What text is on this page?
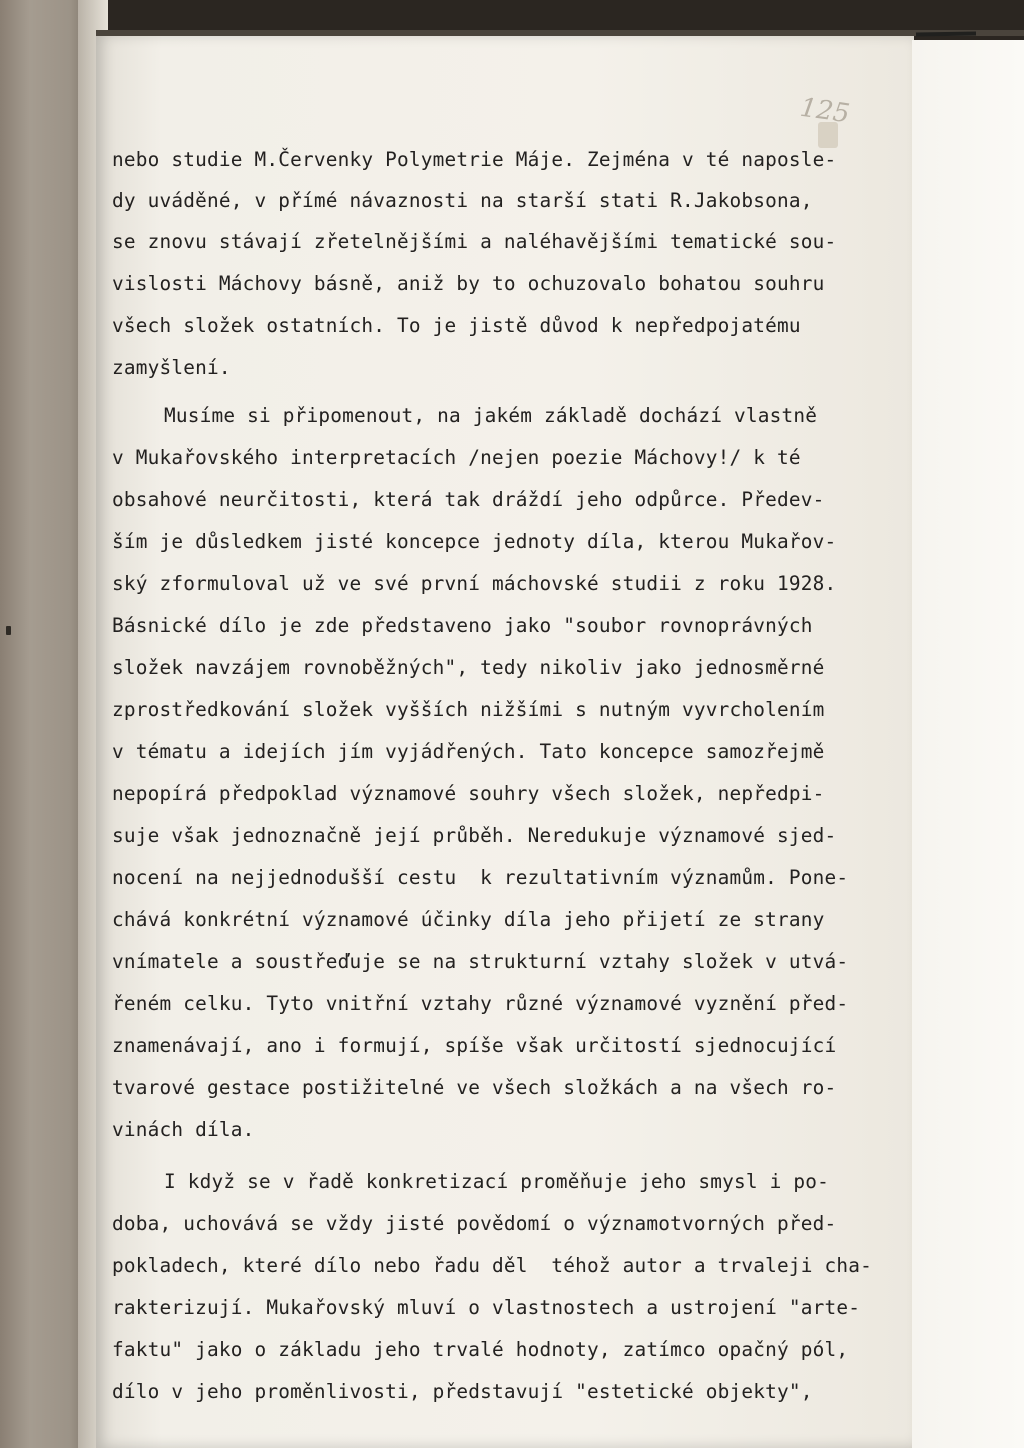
125
nebo studie M.Červenky Polymetrie Máje. Zejména v té naposle-
dy uváděné, v přímé návaznosti na starší stati R.Jakobsona,
se znovu stávají zřetelnějšími a naléhavějšími tematické sou-
vislosti Máchovy básně, aniž by to ochuzovalo bohatou souhru
všech složek ostatních. To je jistě důvod k nepředpojatému
zamyšlení.
Musíme si připomenout, na jakém základě dochází vlastně
v Mukařovského interpretacích /nejen poezie Máchovy!/ k té
obsahové neurčitosti, která tak dráždí jeho odpůrce. Předev-
ším je důsledkem jisté koncepce jednoty díla, kterou Mukařov-
ský zformuloval už ve své první máchovské studii z roku 1928.
Básnické dílo je zde představeno jako "soubor rovnoprávných
složek navzájem rovnoběžných", tedy nikoliv jako jednosměrné
zprostředkování složek vyšších nižšími s nutným vyvrcholením
v tématu a idejích jím vyjádřených. Tato koncepce samozřejmě
nepopírá předpoklad významové souhry všech složek, nepředpi-
suje však jednoznačně její průběh. Neredukuje významové sjed-
nocení na nejjednodušší cestu  k rezultativním významům. Pone-
chává konkrétní významové účinky díla jeho přijetí ze strany
vnímatele a soustřeďuje se na strukturní vztahy složek v utvá-
řeném celku. Tyto vnitřní vztahy různé významové vyznění před-
znamenávají, ano i formují, spíše však určitostí sjednocující
tvarové gestace postižitelné ve všech složkách a na všech ro-
vinách díla.
I když se v řadě konkretizací proměňuje jeho smysl i po-
doba, uchovává se vždy jisté povědomí o významotvorných před-
pokladech, které dílo nebo řadu děl  téhož autor a trvaleji cha-
rakterizují. Mukařovský mluví o vlastnostech a ustrojení "arte-
faktu" jako o základu jeho trvalé hodnoty, zatímco opačný pól,
dílo v jeho proměnlivosti, představují "estetické objekty",
